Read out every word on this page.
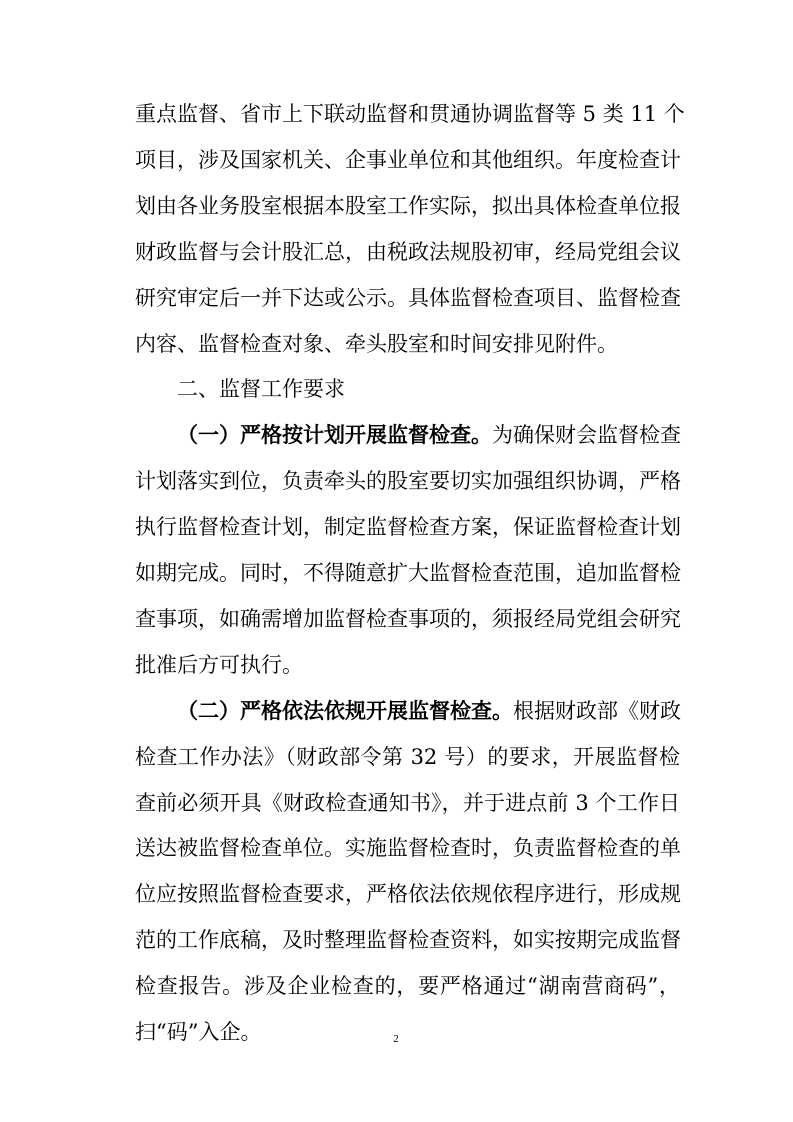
重点监督、省市上下联动监督和贯通协调监督等 5 类 11 个
项目，涉及国家机关、企事业单位和其他组织。年度检查计
划由各业务股室根据本股室工作实际，拟出具体检查单位报
财政监督与会计股汇总，由税政法规股初审，经局党组会议
研究审定后一并下达或公示。具体监督检查项目、监督检查
内容、监督检查对象、牵头股室和时间安排见附件。
二、监督工作要求
（一）严格按计划开展监督检查。为确保财会监督检查
计划落实到位，负责牵头的股室要切实加强组织协调，严格
执行监督检查计划，制定监督检查方案，保证监督检查计划
如期完成。同时，不得随意扩大监督检查范围，追加监督检
查事项，如确需增加监督检查事项的，须报经局党组会研究
批准后方可执行。
（二）严格依法依规开展监督检查。根据财政部《财政
检查工作办法》（财政部令第 32 号）的要求，开展监督检
查前必须开具《财政检查通知书》，并于进点前 3 个工作日
送达被监督检查单位。实施监督检查时，负责监督检查的单
位应按照监督检查要求，严格依法依规依程序进行，形成规
范的工作底稿，及时整理监督检查资料，如实按期完成监督
检查报告。涉及企业检查的，要严格通过“湖南营商码”，
扫“码”入企。	2
